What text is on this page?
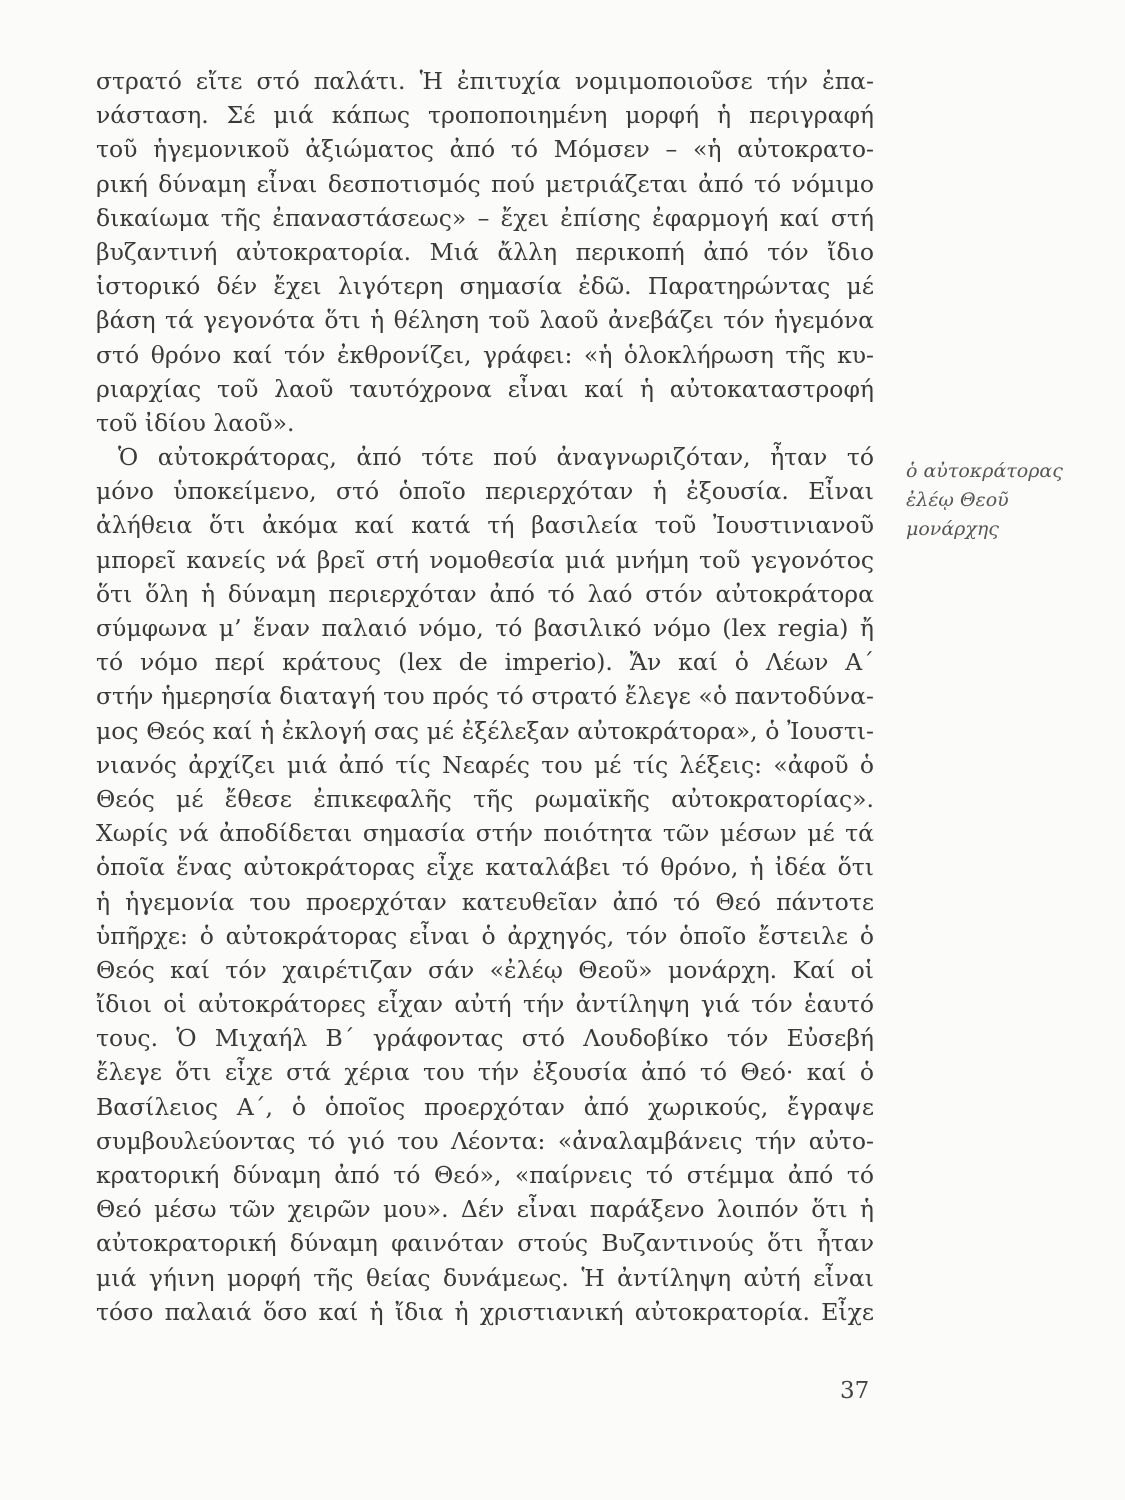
στρατό εἴτε στό παλάτι. Ἡ ἐπιτυχία νομιμοποιοῦσε τήν ἐπα-
νάσταση. Σέ μιά κάπως τροποποιημένη μορφή ἡ περιγραφή
τοῦ ἡγεμονικοῦ ἀξιώματος ἀπό τό Μόμσεν – «ἡ αὐτοκρατο-
ρική δύναμη εἶναι δεσποτισμός πού μετριάζεται ἀπό τό νόμιμο
δικαίωμα τῆς ἐπαναστάσεως» – ἔχει ἐπίσης ἐφαρμογή καί στή
βυζαντινή αὐτοκρατορία. Μιά ἄλλη περικοπή ἀπό τόν ἴδιο
ἱστορικό δέν ἔχει λιγότερη σημασία ἐδῶ. Παρατηρώντας μέ
βάση τά γεγονότα ὅτι ἡ θέληση τοῦ λαοῦ ἀνεβάζει τόν ἡγεμόνα
στό θρόνο καί τόν ἐκθρονίζει, γράφει: «ἡ ὁλοκλήρωση τῆς κυ-
ριαρχίας τοῦ λαοῦ ταυτόχρονα εἶναι καί ἡ αὐτοκαταστροφή
τοῦ ἰδίου λαοῦ».
Ὁ αὐτοκράτορας, ἀπό τότε πού ἀναγνωριζόταν, ἦταν τό
μόνο ὑποκείμενο, στό ὁποῖο περιερχόταν ἡ ἐξουσία. Εἶναι
ἀλήθεια ὅτι ἀκόμα καί κατά τή βασιλεία τοῦ Ἰουστινιανοῦ
μπορεῖ κανείς νά βρεῖ στή νομοθεσία μιά μνήμη τοῦ γεγονότος
ὅτι ὅλη ἡ δύναμη περιερχόταν ἀπό τό λαό στόν αὐτοκράτορα
σύμφωνα μ’ ἕναν παλαιό νόμο, τό βασιλικό νόμο (lex regia) ἤ
τό νόμο περί κράτους (lex de imperio). Ἄν καί ὁ Λέων Α´
στήν ἡμερησία διαταγή του πρός τό στρατό ἔλεγε «ὁ παντοδύνα-
μος Θεός καί ἡ ἐκλογή σας μέ ἐξέλεξαν αὐτοκράτορα», ὁ Ἰουστι-
νιανός ἀρχίζει μιά ἀπό τίς Νεαρές του μέ τίς λέξεις: «ἀφοῦ ὁ
Θεός μέ ἔθεσε ἐπικεφαλῆς τῆς ρωμαϊκῆς αὐτοκρατορίας».
Χωρίς νά ἀποδίδεται σημασία στήν ποιότητα τῶν μέσων μέ τά
ὁποῖα ἕνας αὐτοκράτορας εἶχε καταλάβει τό θρόνο, ἡ ἰδέα ὅτι
ἡ ἡγεμονία του προερχόταν κατευθεῖαν ἀπό τό Θεό πάντοτε
ὑπῆρχε: ὁ αὐτοκράτορας εἶναι ὁ ἀρχηγός, τόν ὁποῖο ἔστειλε ὁ
Θεός καί τόν χαιρέτιζαν σάν «ἐλέῳ Θεοῦ» μονάρχη. Καί οἱ
ἴδιοι οἱ αὐτοκράτορες εἶχαν αὐτή τήν ἀντίληψη γιά τόν ἑαυτό
τους. Ὁ Μιχαήλ Β´ γράφοντας στό Λουδοβίκο τόν Εὐσεβή
ἔλεγε ὅτι εἶχε στά χέρια του τήν ἐξουσία ἀπό τό Θεό· καί ὁ
Βασίλειος Α´, ὁ ὁποῖος προερχόταν ἀπό χωρικούς, ἔγραψε
συμβουλεύοντας τό γιό του Λέοντα: «ἀναλαμβάνεις τήν αὐτο-
κρατορική δύναμη ἀπό τό Θεό», «παίρνεις τό στέμμα ἀπό τό
Θεό μέσω τῶν χειρῶν μου». Δέν εἶναι παράξενο λοιπόν ὅτι ἡ
αὐτοκρατορική δύναμη φαινόταν στούς Βυζαντινούς ὅτι ἦταν
μιά γήινη μορφή τῆς θείας δυνάμεως. Ἡ ἀντίληψη αὐτή εἶναι
τόσο παλαιά ὅσο καί ἡ ἴδια ἡ χριστιανική αὐτοκρατορία. Εἶχε
ὁ αὐτοκράτορας
ἐλέῳ Θεοῦ
μονάρχης
37
